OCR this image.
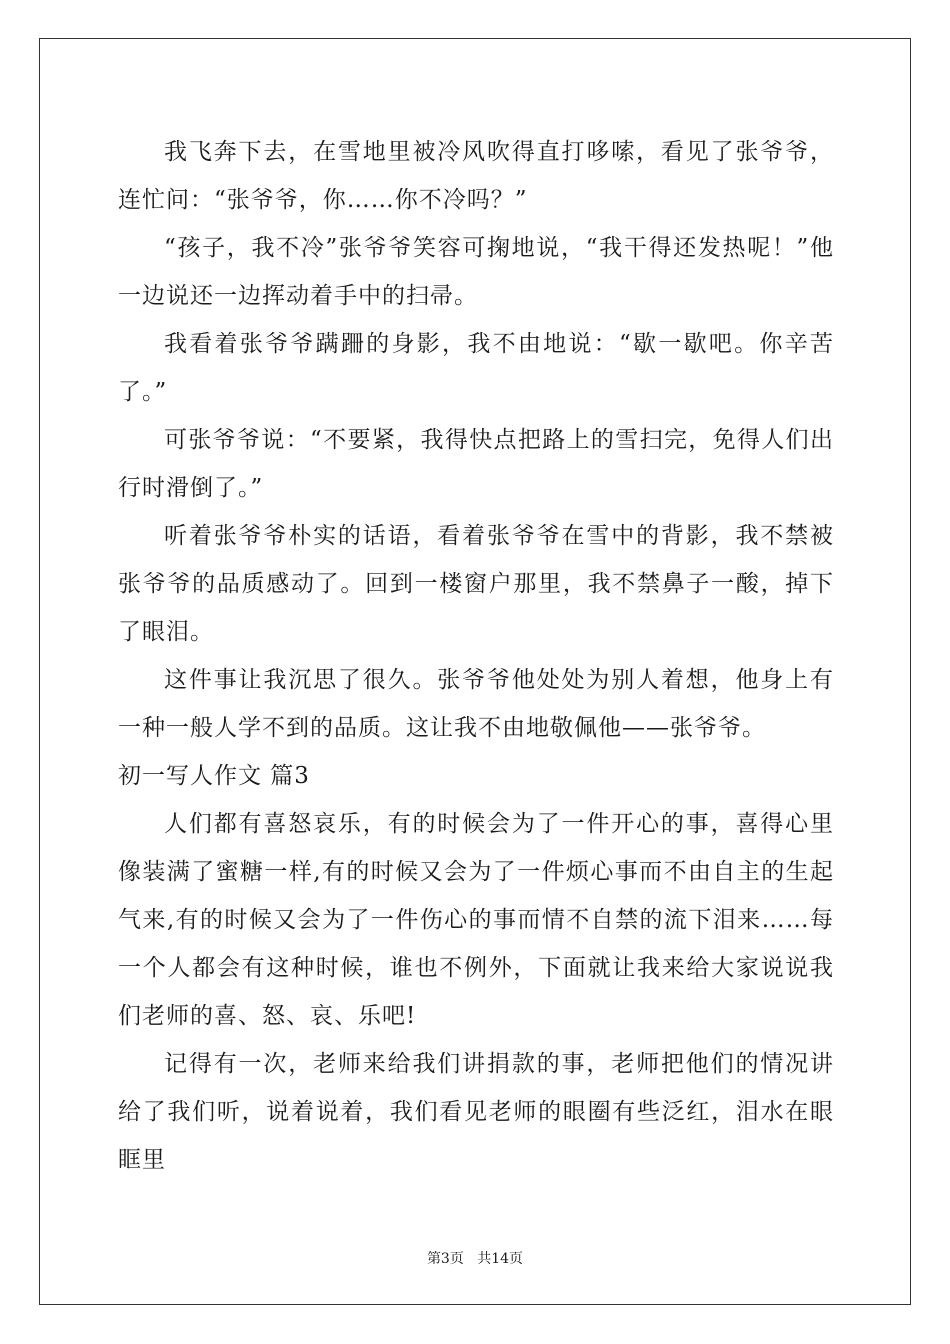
我飞奔下去，在雪地里被冷风吹得直打哆嗦，看见了张爷爷，连忙问：“张爷爷，你……你不冷吗？”

“孩子，我不冷”张爷爷笑容可掬地说，“我干得还发热呢！”他一边说还一边挥动着手中的扫帚。

我看着张爷爷蹒跚的身影，我不由地说：“歇一歇吧。你辛苦了。”

可张爷爷说：“不要紧，我得快点把路上的雪扫完，免得人们出行时滑倒了。”

听着张爷爷朴实的话语，看着张爷爷在雪中的背影，我不禁被张爷爷的品质感动了。回到一楼窗户那里，我不禁鼻子一酸，掉下了眼泪。

这件事让我沉思了很久。张爷爷他处处为别人着想，他身上有一种一般人学不到的品质。这让我不由地敬佩他——张爷爷。

初一写人作文 篇3

人们都有喜怒哀乐，有的时候会为了一件开心的事，喜得心里像装满了蜜糖一样,有的时候又会为了一件烦心事而不由自主的生起气来,有的时候又会为了一件伤心的事而情不自禁的流下泪来……每一个人都会有这种时候，谁也不例外，下面就让我来给大家说说我们老师的喜、怒、哀、乐吧!

记得有一次，老师来给我们讲捐款的事，老师把他们的情况讲给了我们听，说着说着，我们看见老师的眼圈有些泛红，泪水在眼眶里

第3页 共14页
